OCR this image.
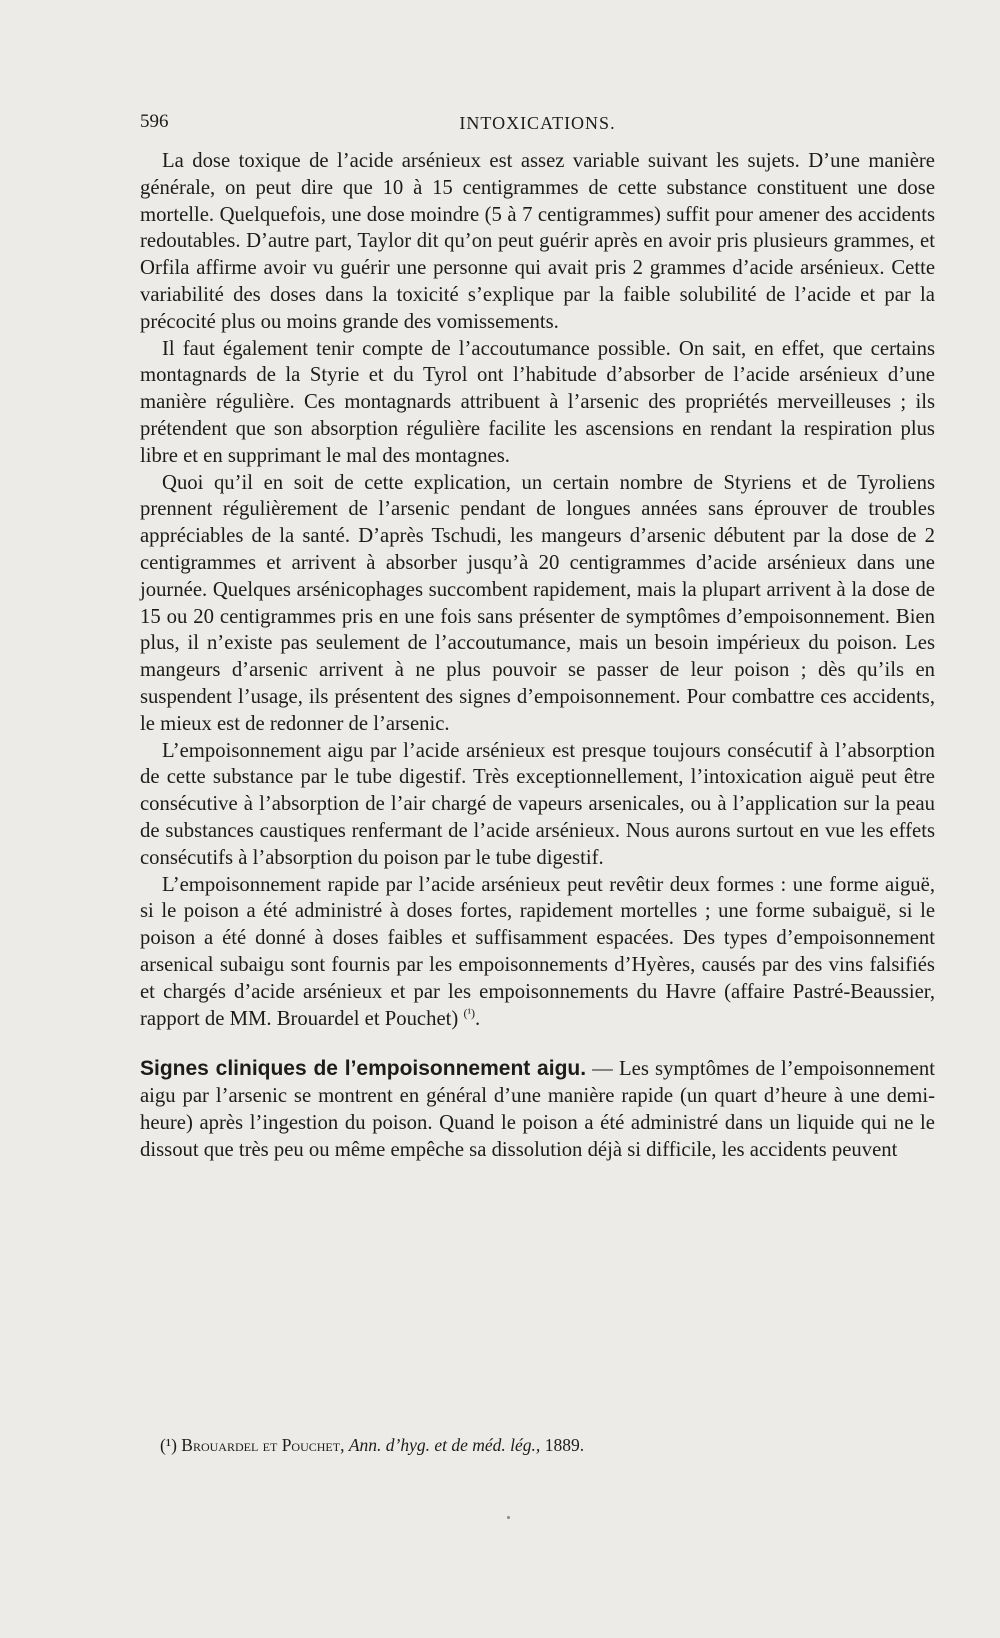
596	INTOXICATIONS.

La dose toxique de l’acide arsénieux est assez variable suivant les sujets. D’une manière générale, on peut dire que 10 à 15 centigrammes de cette substance constituent une dose mortelle. Quelquefois, une dose moindre (5 à 7 centigrammes) suffit pour amener des accidents redoutables. D’autre part, Taylor dit qu’on peut guérir après en avoir pris plusieurs grammes, et Orfila affirme avoir vu guérir une personne qui avait pris 2 grammes d’acide arsénieux. Cette variabilité des doses dans la toxicité s’explique par la faible solubilité de l’acide et par la précocité plus ou moins grande des vomissements.

Il faut également tenir compte de l’accoutumance possible. On sait, en effet, que certains montagnards de la Styrie et du Tyrol ont l’habitude d’absorber de l’acide arsénieux d’une manière régulière. Ces montagnards attribuent à l’arsenic des propriétés merveilleuses ; ils prétendent que son absorption régulière facilite les ascensions en rendant la respiration plus libre et en supprimant le mal des montagnes.

Quoi qu’il en soit de cette explication, un certain nombre de Styriens et de Tyroliens prennent régulièrement de l’arsenic pendant de longues années sans éprouver de troubles appréciables de la santé. D’après Tschudi, les mangeurs d’arsenic débutent par la dose de 2 centigrammes et arrivent à absorber jusqu’à 20 centigrammes d’acide arsénieux dans une journée. Quelques arsénicophages succombent rapidement, mais la plupart arrivent à la dose de 15 ou 20 centigrammes pris en une fois sans présenter de symptômes d’empoisonnement. Bien plus, il n’existe pas seulement de l’accoutumance, mais un besoin impérieux du poison. Les mangeurs d’arsenic arrivent à ne plus pouvoir se passer de leur poison ; dès qu’ils en suspendent l’usage, ils présentent des signes d’empoisonnement. Pour combattre ces accidents, le mieux est de redonner de l’arsenic.

L’empoisonnement aigu par l’acide arsénieux est presque toujours consécutif à l’absorption de cette substance par le tube digestif. Très exceptionnellement, l’intoxication aiguë peut être consécutive à l’absorption de l’air chargé de vapeurs arsenicales, ou à l’application sur la peau de substances caustiques renfermant de l’acide arsénieux. Nous aurons surtout en vue les effets consécutifs à l’absorption du poison par le tube digestif.

L’empoisonnement rapide par l’acide arsénieux peut revêtir deux formes : une forme aiguë, si le poison a été administré à doses fortes, rapidement mortelles ; une forme subaiguë, si le poison a été donné à doses faibles et suffisamment espacées. Des types d’empoisonnement arsenical subaigu sont fournis par les empoisonnements d’Hyères, causés par des vins falsifiés et chargés d’acide arsénieux et par les empoisonnements du Havre (affaire Pastré-Beaussier, rapport de MM. Brouardel et Pouchet) $^{(^1)}$.

Signes cliniques de l’empoisonnement aigu. — Les symptômes de l’empoisonnement aigu par l’arsenic se montrent en général d’une manière rapide (un quart d’heure à une demi-heure) après l’ingestion du poison. Quand le poison a été administré dans un liquide qui ne le dissout que très peu ou même empêche sa dissolution déjà si difficile, les accidents peuvent

(¹) Brouardel et Pouchet, Ann. d’hyg. et de méd. lég., 1889.
